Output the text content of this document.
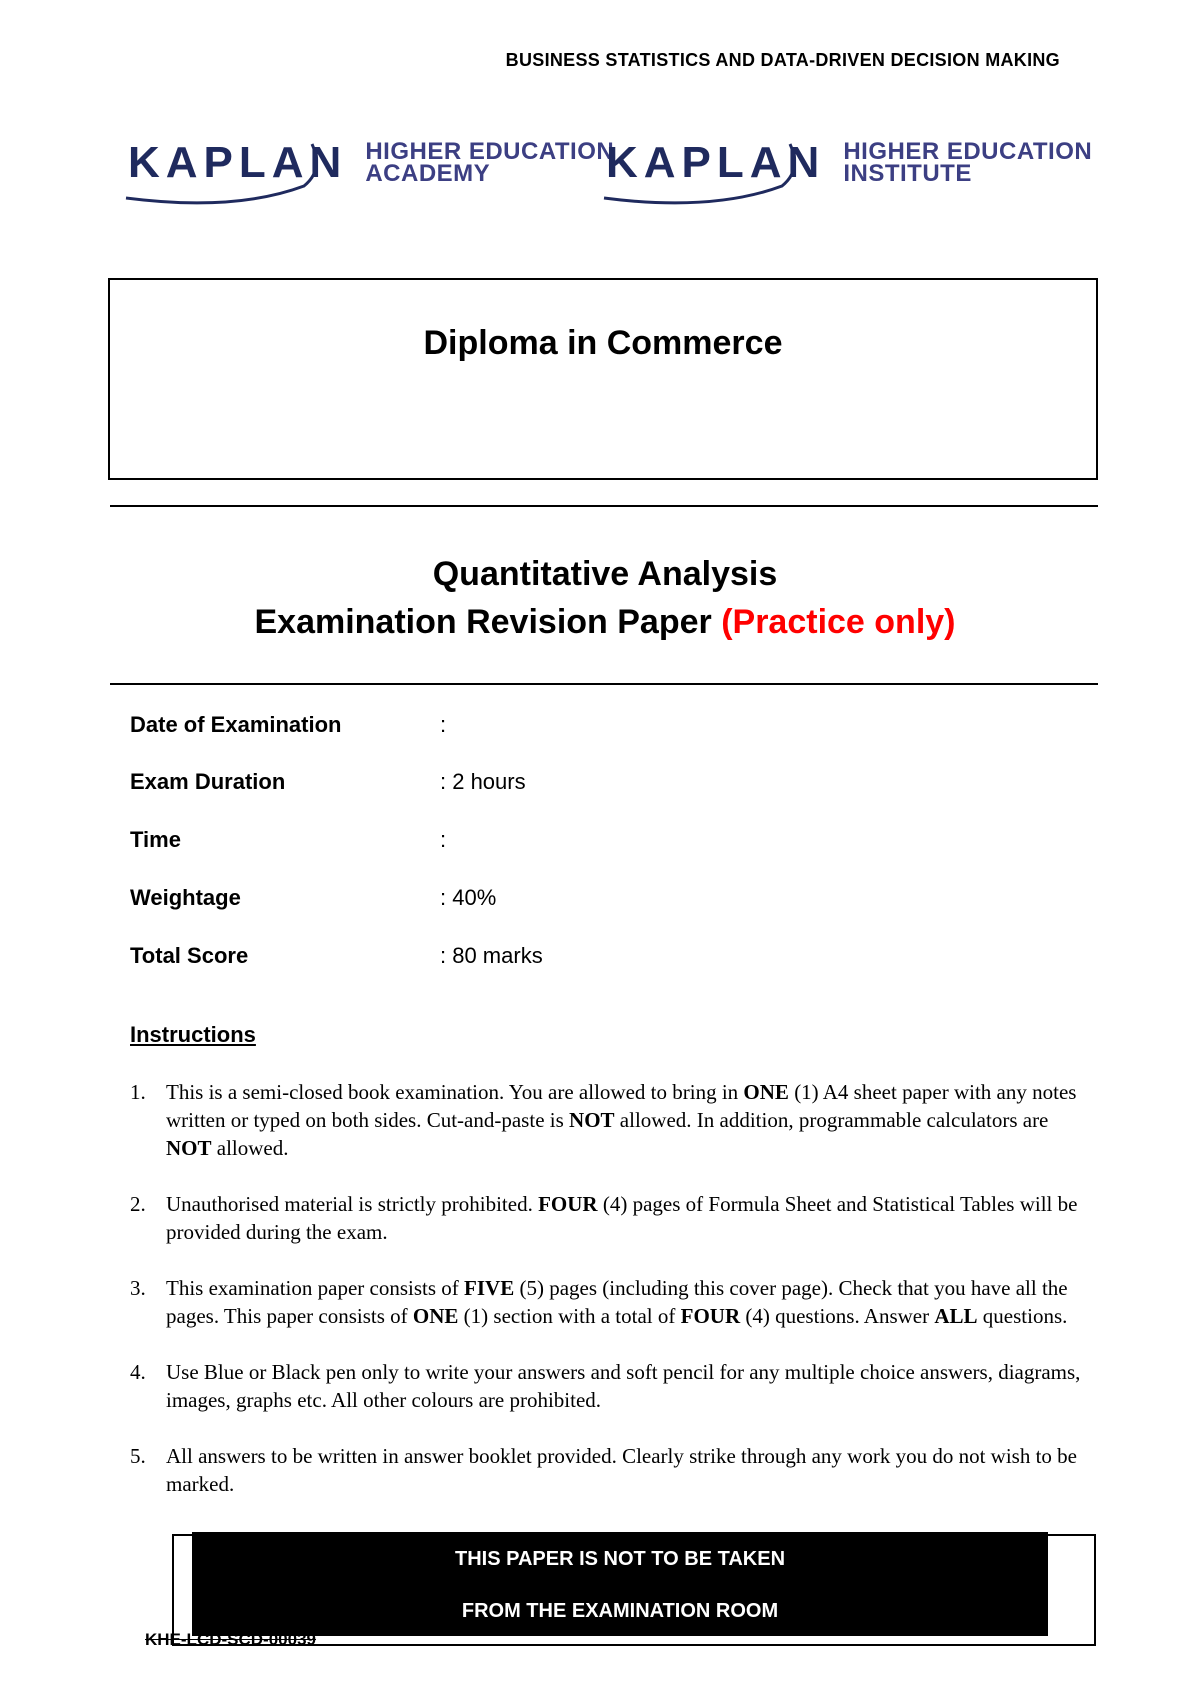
BUSINESS STATISTICS AND DATA-DRIVEN DECISION MAKING
KAPLAN HIGHER EDUCATION
ACADEMY	KAPLAN HIGHER EDUCATION
INSTITUTE
Diploma in Commerce
Quantitative Analysis
Examination Revision Paper (Practice only)
Date of Examination	:
Exam Duration	: 2 hours
Time	:
Weightage	: 40%
Total Score	: 80 marks
Instructions
1. This is a semi-closed book examination. You are allowed to bring in ONE (1) A4 sheet paper with any notes written or typed on both sides. Cut-and-paste is NOT allowed. In addition, programmable calculators are NOT allowed.
2. Unauthorised material is strictly prohibited. FOUR (4) pages of Formula Sheet and Statistical Tables will be provided during the exam.
3. This examination paper consists of FIVE (5) pages (including this cover page). Check that you have all the pages. This paper consists of ONE (1) section with a total of FOUR (4) questions. Answer ALL questions.
4. Use Blue or Black pen only to write your answers and soft pencil for any multiple choice answers, diagrams, images, graphs etc. All other colours are prohibited.
5. All answers to be written in answer booklet provided. Clearly strike through any work you do not wish to be marked.
THIS PAPER IS NOT TO BE TAKEN
FROM THE EXAMINATION ROOM
KHE-LCD-SCD-00039
